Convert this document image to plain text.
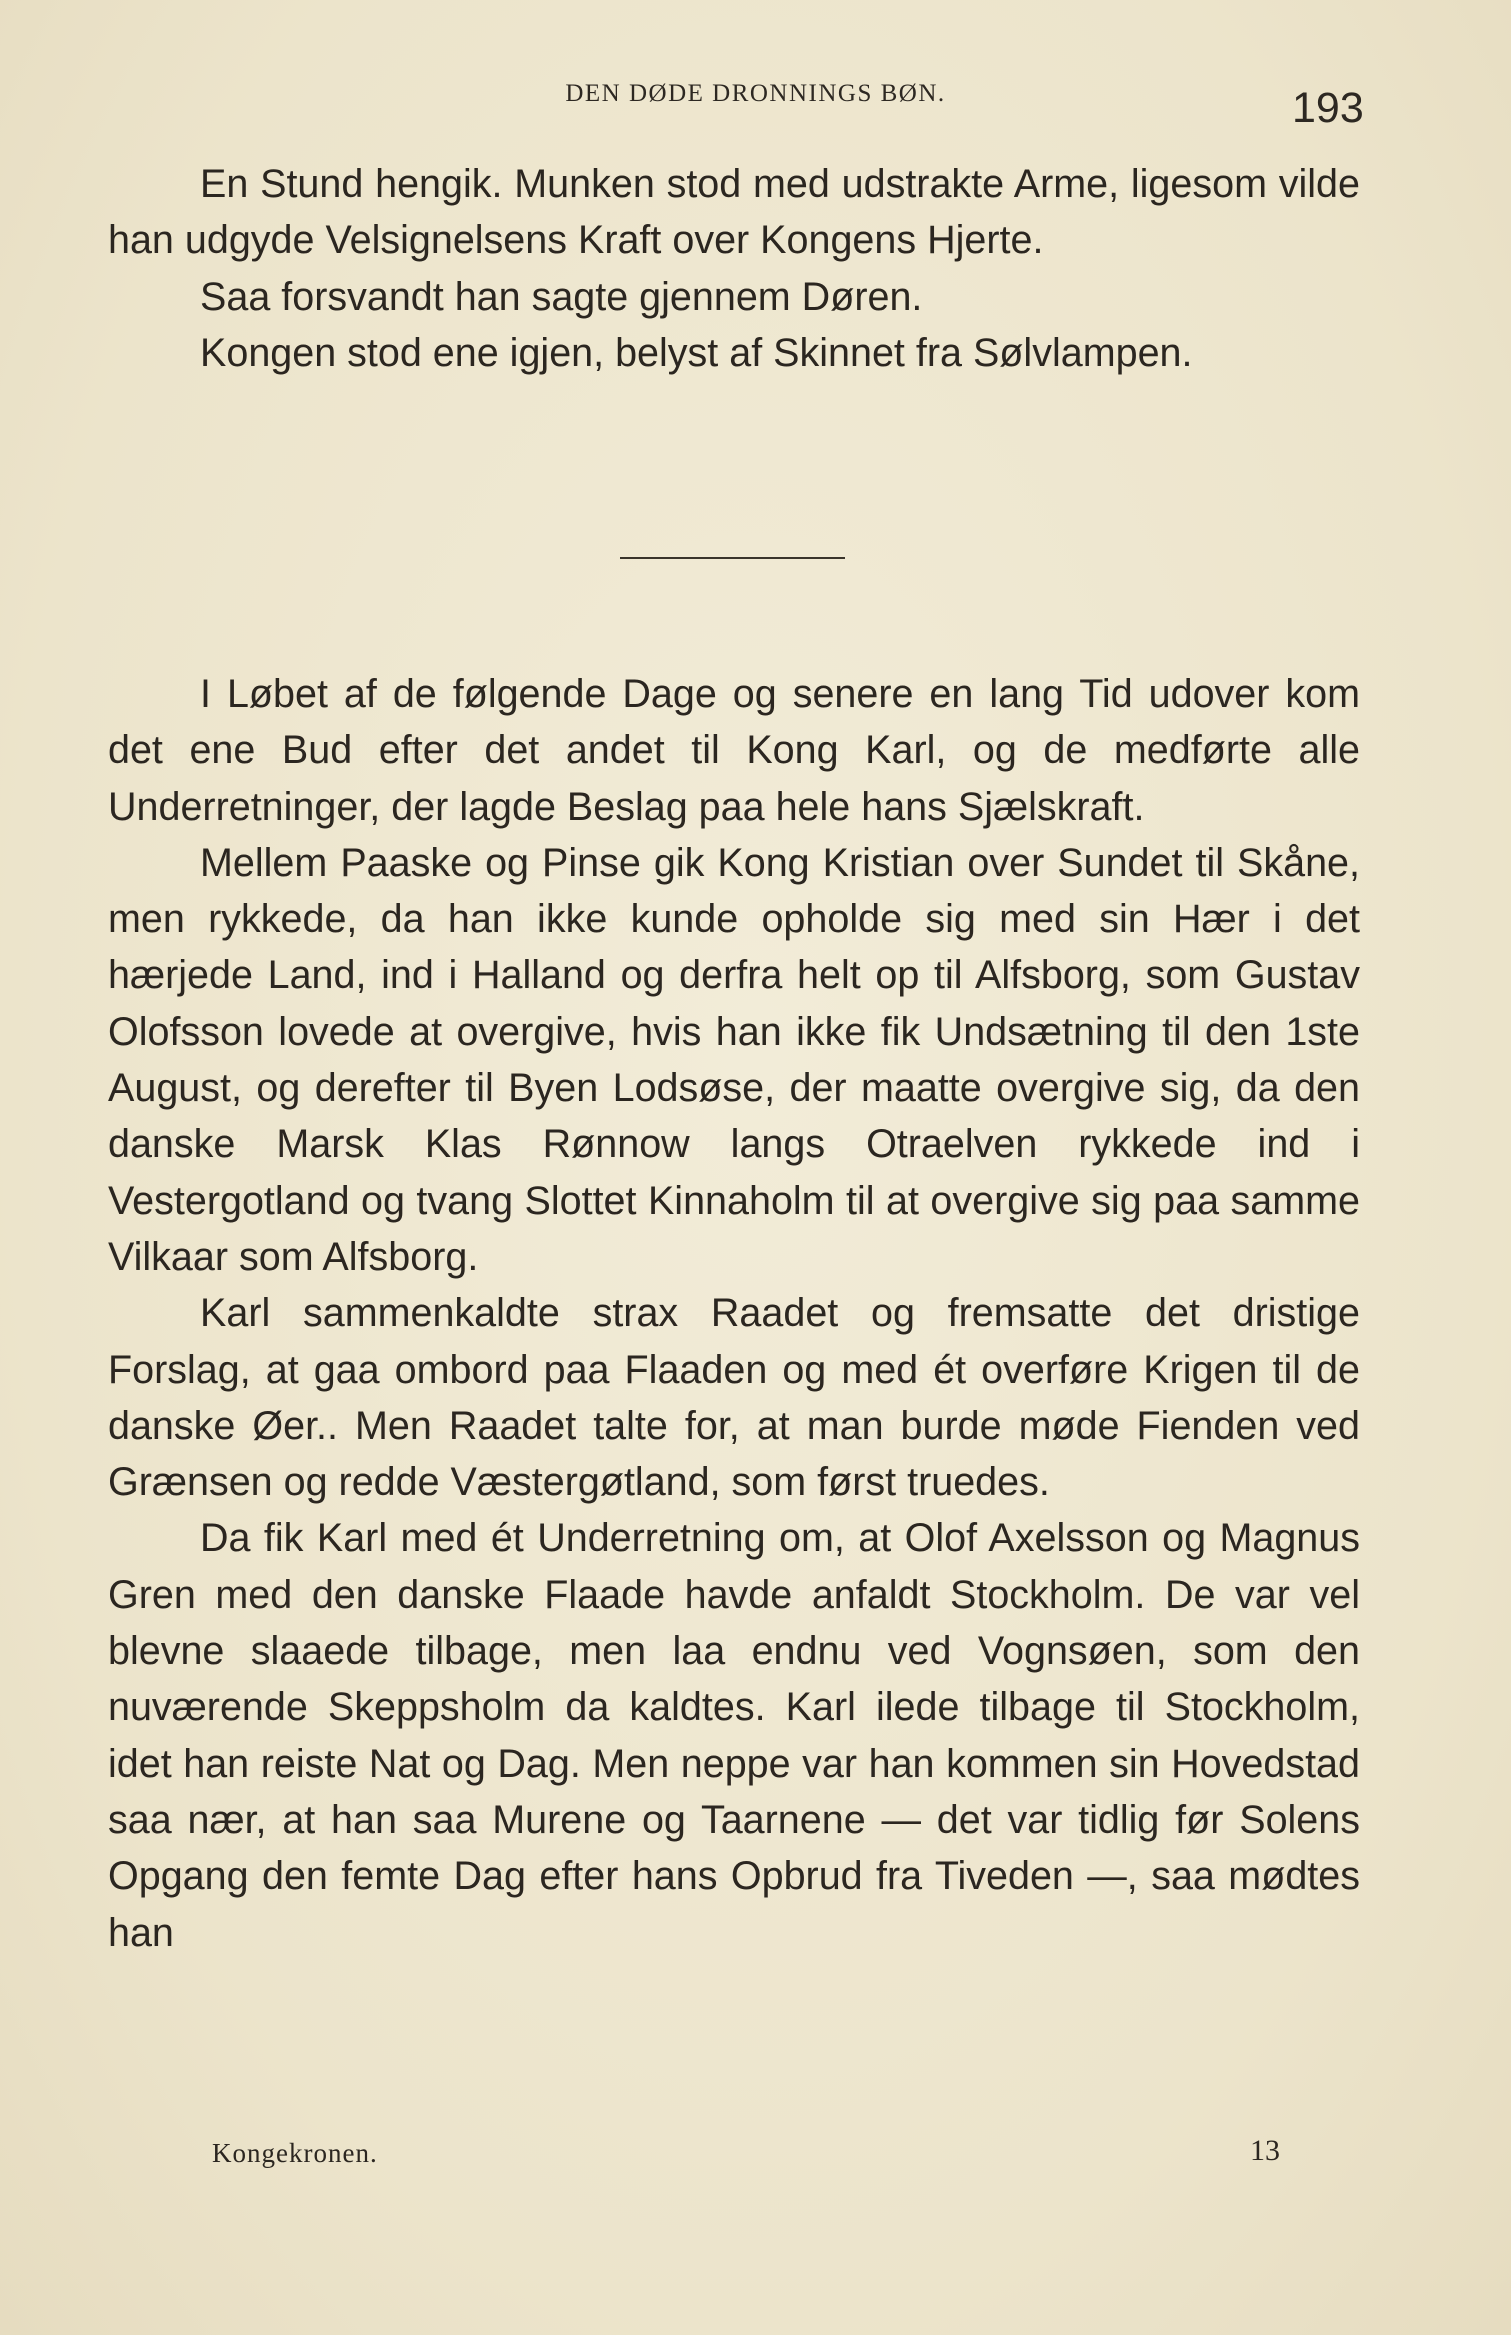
DEN DØDE DRONNINGS BØN.	193

En Stund hengik. Munken stod med udstrakte Arme, ligesom vilde han udgyde Velsignelsens Kraft over Kongens Hjerte.

Saa forsvandt han sagte gjennem Døren.

Kongen stod ene igjen, belyst af Skinnet fra Sølvlampen.

I Løbet af de følgende Dage og senere en lang Tid udover kom det ene Bud efter det andet til Kong Karl, og de medførte alle Underretninger, der lagde Beslag paa hele hans Sjælskraft.

Mellem Paaske og Pinse gik Kong Kristian over Sundet til Skåne, men rykkede, da han ikke kunde opholde sig med sin Hær i det hærjede Land, ind i Halland og derfra helt op til Alfsborg, som Gustav Olofsson lovede at overgive, hvis han ikke fik Undsætning til den 1ste August, og derefter til Byen Lodsøse, der maatte overgive sig, da den danske Marsk Klas Rønnow langs Otraelven rykkede ind i Vestergotland og tvang Slottet Kinnaholm til at overgive sig paa samme Vilkaar som Alfsborg.

Karl sammenkaldte strax Raadet og fremsatte det dristige Forslag, at gaa ombord paa Flaaden og med ét overføre Krigen til de danske Øer.. Men Raadet talte for, at man burde møde Fienden ved Grænsen og redde Væstergøtland, som først truedes.

Da fik Karl med ét Underretning om, at Olof Axelsson og Magnus Gren med den danske Flaade havde anfaldt Stockholm. De var vel blevne slaaede tilbage, men laa endnu ved Vognsøen, som den nuværende Skeppsholm da kaldtes. Karl ilede tilbage til Stockholm, idet han reiste Nat og Dag. Men neppe var han kommen sin Hovedstad saa nær, at han saa Murene og Taarnene — det var tidlig før Solens Opgang den femte Dag efter hans Opbrud fra Tiveden —, saa mødtes han

Kongekronen.	13
